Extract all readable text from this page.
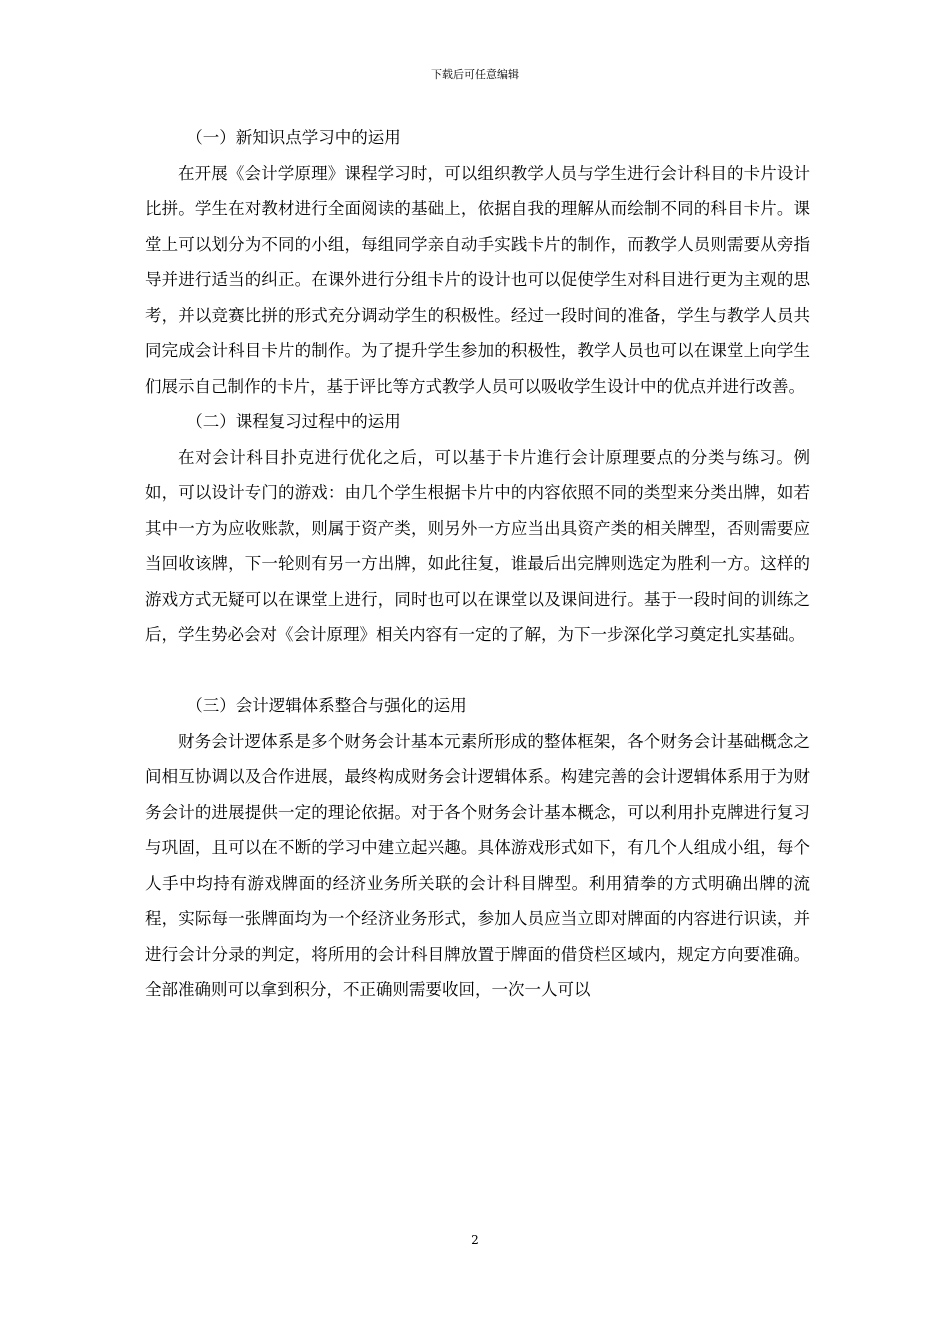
下载后可任意编辑

（一）新知识点学习中的运用

在开展《会计学原理》课程学习时，可以组织教学人员与学生进行会计科目的卡片设计比拼。学生在对教材进行全面阅读的基础上，依据自我的理解从而绘制不同的科目卡片。课堂上可以划分为不同的小组，每组同学亲自动手实践卡片的制作，而教学人员则需要从旁指导并进行适当的纠正。在课外进行分组卡片的设计也可以促使学生对科目进行更为主观的思考，并以竞赛比拼的形式充分调动学生的积极性。经过一段时间的准备，学生与教学人员共同完成会计科目卡片的制作。为了提升学生参加的积极性，教学人员也可以在课堂上向学生们展示自己制作的卡片，基于评比等方式教学人员可以吸收学生设计中的优点并进行改善。

（二）课程复习过程中的运用

在对会计科目扑克进行优化之后，可以基于卡片進行会计原理要点的分类与练习。例如，可以设计专门的游戏：由几个学生根据卡片中的内容依照不同的类型来分类出牌，如若其中一方为应收账款，则属于资产类，则另外一方应当出具资产类的相关牌型，否则需要应当回收该牌，下一轮则有另一方出牌，如此往复，谁最后出完牌则选定为胜利一方。这样的游戏方式无疑可以在课堂上进行，同时也可以在课堂以及课间进行。基于一段时间的训练之后，学生势必会对《会计原理》相关内容有一定的了解，为下一步深化学习奠定扎实基础。

（三）会计逻辑体系整合与强化的运用

财务会计逻体系是多个财务会计基本元素所形成的整体框架，各个财务会计基础概念之间相互协调以及合作进展，最终构成财务会计逻辑体系。构建完善的会计逻辑体系用于为财务会计的进展提供一定的理论依据。对于各个财务会计基本概念，可以利用扑克牌进行复习与巩固，且可以在不断的学习中建立起兴趣。具体游戏形式如下，有几个人组成小组，每个人手中均持有游戏牌面的经济业务所关联的会计科目牌型。利用猜拳的方式明确出牌的流程，实际每一张牌面均为一个经济业务形式，参加人员应当立即对牌面的内容进行识读，并进行会计分录的判定，将所用的会计科目牌放置于牌面的借贷栏区域内，规定方向要准确。全部准确则可以拿到积分，不正确则需要收回，一次一人可以

2
